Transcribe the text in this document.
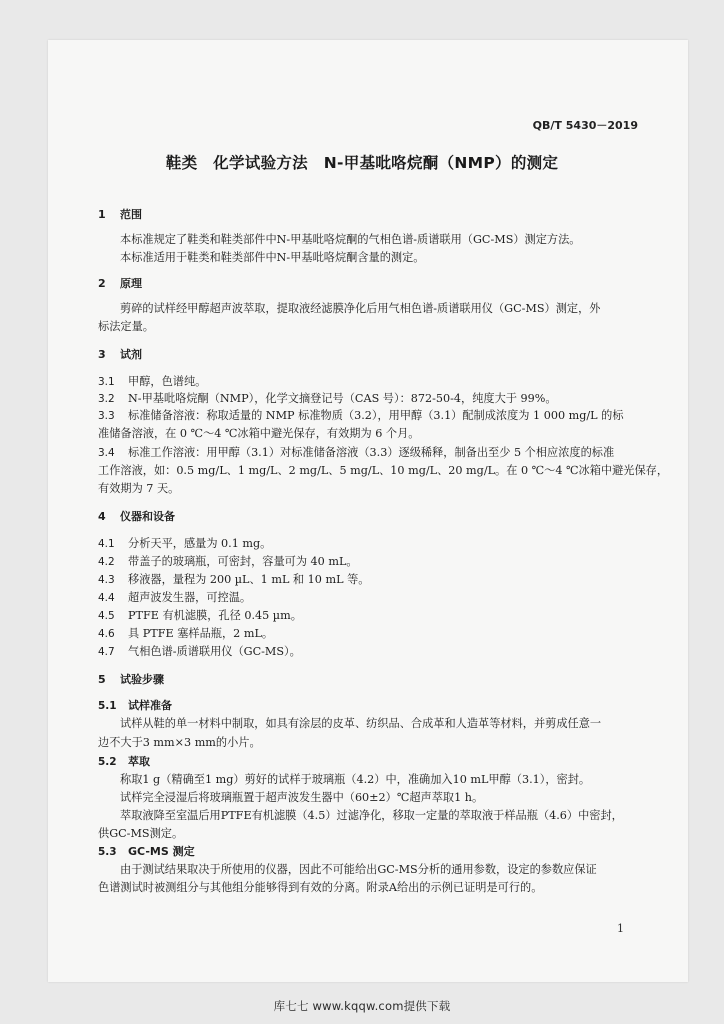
QB/T 5430－2019
鞋类　化学试验方法　N-甲基吡咯烷酮（NMP）的测定
1 范围
本标准规定了鞋类和鞋类部件中N-甲基吡咯烷酮的气相色谱-质谱联用（GC-MS）测定方法。
本标准适用于鞋类和鞋类部件中N-甲基吡咯烷酮含量的测定。
2 原理
剪碎的试样经甲醇超声波萃取，提取液经滤膜净化后用气相色谱-质谱联用仪（GC-MS）测定，外
标法定量。
3 试剂
3.1 甲醇，色谱纯。
3.2 N-甲基吡咯烷酮（NMP），化学文摘登记号（CAS 号）：872-50-4，纯度大于 99%。
3.3 标准储备溶液：称取适量的 NMP 标准物质（3.2），用甲醇（3.1）配制成浓度为 1 000 mg/L 的标
准储备溶液，在 0 ℃～4 ℃冰箱中避光保存，有效期为 6 个月。
3.4 标准工作溶液：用甲醇（3.1）对标准储备溶液（3.3）逐级稀释，制备出至少 5 个相应浓度的标准
工作溶液，如：0.5 mg/L、1 mg/L、2 mg/L、5 mg/L、10 mg/L、20 mg/L。在 0 ℃～4 ℃冰箱中避光保存，
有效期为 7 天。
4 仪器和设备
4.1 分析天平，感量为 0.1 mg。
4.2 带盖子的玻璃瓶，可密封，容量可为 40 mL。
4.3 移液器，量程为 200 µL、1 mL 和 10 mL 等。
4.4 超声波发生器，可控温。
4.5 PTFE 有机滤膜，孔径 0.45 µm。
4.6 具 PTFE 塞样品瓶，2 mL。
4.7 气相色谱-质谱联用仪（GC-MS）。
5 试验步骤
5.1 试样准备
试样从鞋的单一材料中制取，如具有涂层的皮革、纺织品、合成革和人造革等材料，并剪成任意一
边不大于3 mm×3 mm的小片。
5.2 萃取
称取1 g（精确至1 mg）剪好的试样于玻璃瓶（4.2）中，准确加入10 mL甲醇（3.1），密封。
试样完全浸湿后将玻璃瓶置于超声波发生器中（60±2）℃超声萃取1 h。
萃取液降至室温后用PTFE有机滤膜（4.5）过滤净化，移取一定量的萃取液于样品瓶（4.6）中密封，
供GC-MS测定。
5.3 GC-MS 测定
由于测试结果取决于所使用的仪器，因此不可能给出GC-MS分析的通用参数，设定的参数应保证
色谱测试时被测组分与其他组分能够得到有效的分离。附录A给出的示例已证明是可行的。
1
库七七 www.kqqw.com提供下载
